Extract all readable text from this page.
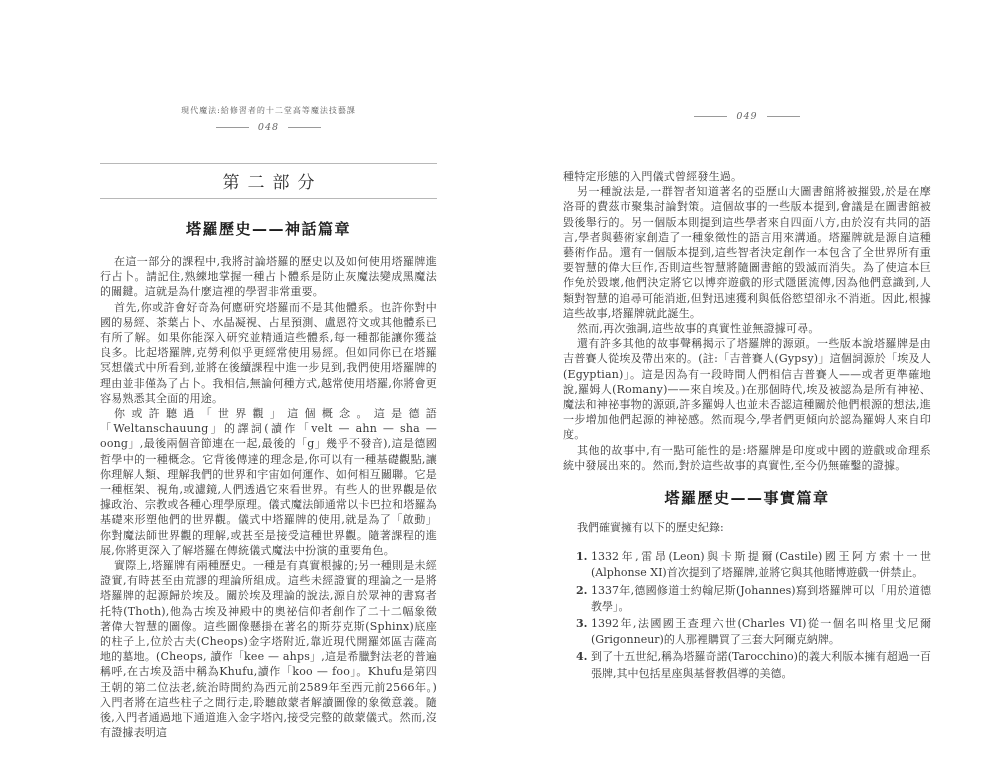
現代魔法:給修習者的十二堂高等魔法技藝課
048
第二部分
塔羅歷史——神話篇章

在這一部分的課程中,我將討論塔羅的歷史以及如何使用塔羅牌進行占卜。請記住,熟練地掌握一種占卜體系是防止灰魔法變成黑魔法的關鍵。這就是為什麼這裡的學習非常重要。

首先,你或許會好奇為何應研究塔羅而不是其他體系。也許你對中國的易經、茶葉占卜、水晶凝視、占星預測、盧恩符文或其他體系已有所了解。如果你能深入研究並精通這些體系,每一種都能讓你獲益良多。比起塔羅牌,克勞利似乎更經常使用易經。但如同你已在塔羅冥想儀式中所看到,並將在後續課程中進一步見到,我們使用塔羅牌的理由並非僅為了占卜。我相信,無論何種方式,越常使用塔羅,你將會更容易熟悉其全面的用途。

你或許聽過「世界觀」這個概念。這是德語「Weltanschauung」的譯詞(讀作「velt — ahn — sha — oong」,最後兩個音節連在一起,最後的「g」幾乎不發音),這是德國哲學中的一種概念。它背後傳達的理念是,你可以有一種基礎觀點,讓你理解人類、理解我們的世界和宇宙如何運作、如何相互關聯。它是一種框架、視角,或濾鏡,人們透過它來看世界。有些人的世界觀是依據政治、宗教或各種心理學原理。儀式魔法師通常以卡巴拉和塔羅為基礎來形塑他們的世界觀。儀式中塔羅牌的使用,就是為了「啟動」你對魔法師世界觀的理解,或甚至是接受這種世界觀。隨著課程的進展,你將更深入了解塔羅在傳統儀式魔法中扮演的重要角色。

實際上,塔羅牌有兩種歷史。一種是有真實根據的;另一種則是未經證實,有時甚至由荒謬的理論所組成。這些未經證實的理論之一是將塔羅牌的起源歸於埃及。關於埃及理論的說法,源自於眾神的書寫者托特(Thoth),他為古埃及神殿中的奧祕信仰者創作了二十二幅象徵著偉大智慧的圖像。這些圖像懸掛在著名的斯芬克斯(Sphinx)底座的柱子上,位於古夫(Cheops)金字塔附近,靠近現代開羅郊區吉薩高地的墓地。(Cheops, 讀作「kee — ahps」,這是希臘對法老的普遍稱呼,在古埃及語中稱為Khufu,讀作「koo — foo」。Khufu是第四王朝的第二位法老,統治時間約為西元前2589年至西元前2566年。)入門者將在這些柱子之間行走,聆聽啟蒙者解讀圖像的象徵意義。隨後,入門者通過地下通道進入金字塔內,接受完整的啟蒙儀式。然而,沒有證據表明這

049

種特定形態的入門儀式曾經發生過。

另一種說法是,一群智者知道著名的亞歷山大圖書館將被摧毀,於是在摩洛哥的費茲市聚集討論對策。這個故事的一些版本提到,會議是在圖書館被毀後舉行的。另一個版本則提到這些學者來自四面八方,由於沒有共同的語言,學者與藝術家創造了一種象徵性的語言用來溝通。塔羅牌就是源自這種藝術作品。還有一個版本提到,這些智者決定創作一本包含了全世界所有重要智慧的偉大巨作,否則這些智慧將隨圖書館的毀滅而消失。為了使這本巨作免於毀壞,他們決定將它以博弈遊戲的形式隱匿流傳,因為他們意識到,人類對智慧的追尋可能消逝,但對迅速獲利與低俗慾望卻永不消逝。因此,根據這些故事,塔羅牌就此誕生。

然而,再次強調,這些故事的真實性並無證據可尋。

還有許多其他的故事聲稱揭示了塔羅牌的源頭。一些版本說塔羅牌是由吉普賽人從埃及帶出來的。(註:「吉普賽人(Gypsy)」這個詞源於「埃及人(Egyptian)」。這是因為有一段時間人們相信吉普賽人——或者更準確地說,羅姆人(Romany)——來自埃及。)在那個時代,埃及被認為是所有神祕、魔法和神祕事物的源頭,許多羅姆人也並未否認這種關於他們根源的想法,進一步增加他們起源的神祕感。然而現今,學者們更傾向於認為羅姆人來自印度。

其他的故事中,有一點可能性的是:塔羅牌是印度或中國的遊戲或命理系統中發展出來的。然而,對於這些故事的真實性,至今仍無確鑿的證據。

塔羅歷史——事實篇章

我們確實擁有以下的歷史紀錄:

1. 1332年,雷昂(Leon)與卡斯提爾(Castile)國王阿方索十一世(Alphonse XI)首次提到了塔羅牌,並將它與其他賭博遊戲一併禁止。
2. 1337年,德國修道士約翰尼斯(Johannes)寫到塔羅牌可以「用於道德教學」。
3. 1392年,法國國王查理六世(Charles VI)從一個名叫格里戈尼爾(Grigonneur)的人那裡購買了三套大阿爾克納牌。
4. 到了十五世紀,稱為塔羅奇諾(Tarocchino)的義大利版本擁有超過一百張牌,其中包括星座與基督教倡導的美德。
